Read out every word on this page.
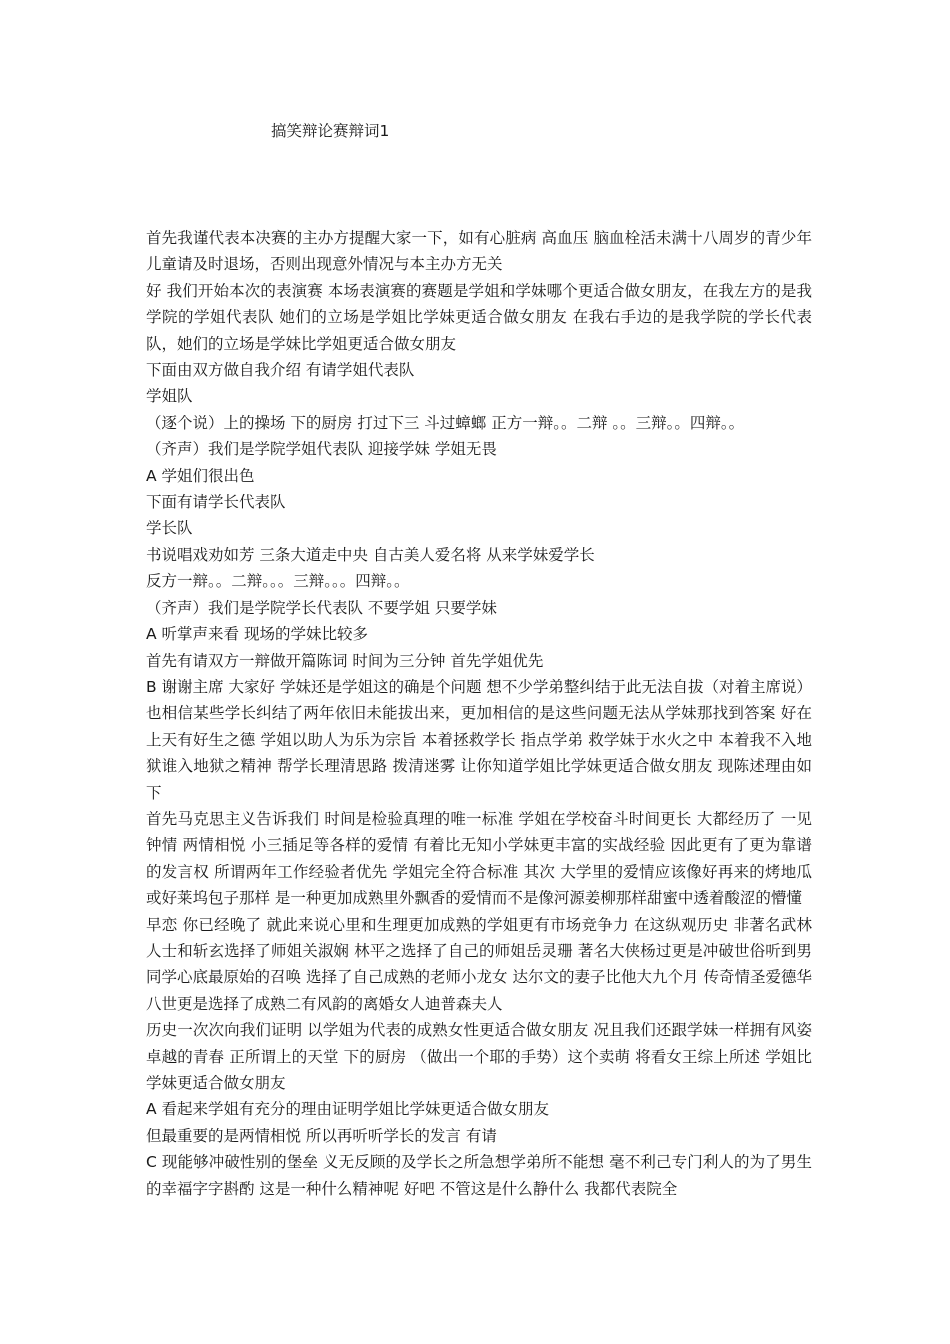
搞笑辩论赛辩词1

首先我谨代表本决赛的主办方提醒大家一下，如有心脏病 高血压 脑血栓活未满十八周岁的青少年儿童请及时退场，否则出现意外情况与本主办方无关

好 我们开始本次的表演赛 本场表演赛的赛题是学姐和学妹哪个更适合做女朋友，在我左方的是我学院的学姐代表队 她们的立场是学姐比学妹更适合做女朋友 在我右手边的是我学院的学长代表队，她们的立场是学妹比学姐更适合做女朋友

下面由双方做自我介绍 有请学姐代表队

学姐队

（逐个说）上的操场 下的厨房 打过下三 斗过蟑螂 正方一辩。。二辩 。。三辩。。四辩。。

（齐声）我们是学院学姐代表队 迎接学妹 学姐无畏

A 学姐们很出色

下面有请学长代表队

学长队

书说唱戏劝如芳 三条大道走中央 自古美人爱名将 从来学妹爱学长

反方一辩。。二辩。。。三辩。。。四辩。。

（齐声）我们是学院学长代表队 不要学姐 只要学妹

A 听掌声来看 现场的学妹比较多

首先有请双方一辩做开篇陈词 时间为三分钟 首先学姐优先

B 谢谢主席 大家好 学妹还是学姐这的确是个问题 想不少学弟整纠结于此无法自拔（对着主席说）也相信某些学长纠结了两年依旧未能拔出来，更加相信的是这些问题无法从学妹那找到答案 好在上天有好生之德 学姐以助人为乐为宗旨 本着拯救学长 指点学弟 救学妹于水火之中 本着我不入地狱谁入地狱之精神 帮学长理清思路 拨清迷雾 让你知道学姐比学妹更适合做女朋友 现陈述理由如下

首先马克思主义告诉我们 时间是检验真理的唯一标准 学姐在学校奋斗时间更长 大都经历了 一见钟情 两情相悦 小三插足等各样的爱情 有着比无知小学妹更丰富的实战经验 因此更有了更为靠谱的发言权 所谓两年工作经验者优先 学姐完全符合标准 其次 大学里的爱情应该像好再来的烤地瓜或好莱坞包子那样 是一种更加成熟里外飘香的爱情而不是像河源姜柳那样甜蜜中透着酸涩的懵懂

早恋 你已经晚了 就此来说心里和生理更加成熟的学姐更有市场竞争力 在这纵观历史 非著名武林人士和斩玄选择了师姐关淑娴 林平之选择了自己的师姐岳灵珊 著名大侠杨过更是冲破世俗听到男同学心底最原始的召唤 选择了自己成熟的老师小龙女 达尔文的妻子比他大九个月 传奇情圣爱德华八世更是选择了成熟二有风韵的离婚女人迪普森夫人

历史一次次向我们证明 以学姐为代表的成熟女性更适合做女朋友 况且我们还跟学妹一样拥有风姿卓越的青春 正所谓上的天堂 下的厨房 （做出一个耶的手势）这个卖萌 将看女王综上所述 学姐比学妹更适合做女朋友

A 看起来学姐有充分的理由证明学姐比学妹更适合做女朋友

但最重要的是两情相悦 所以再听听学长的发言 有请

C 现能够冲破性别的堡垒 义无反顾的及学长之所急想学弟所不能想 毫不利己专门利人的为了男生的幸福字字斟酌 这是一种什么精神呢 好吧 不管这是什么静什么 我都代表院全
